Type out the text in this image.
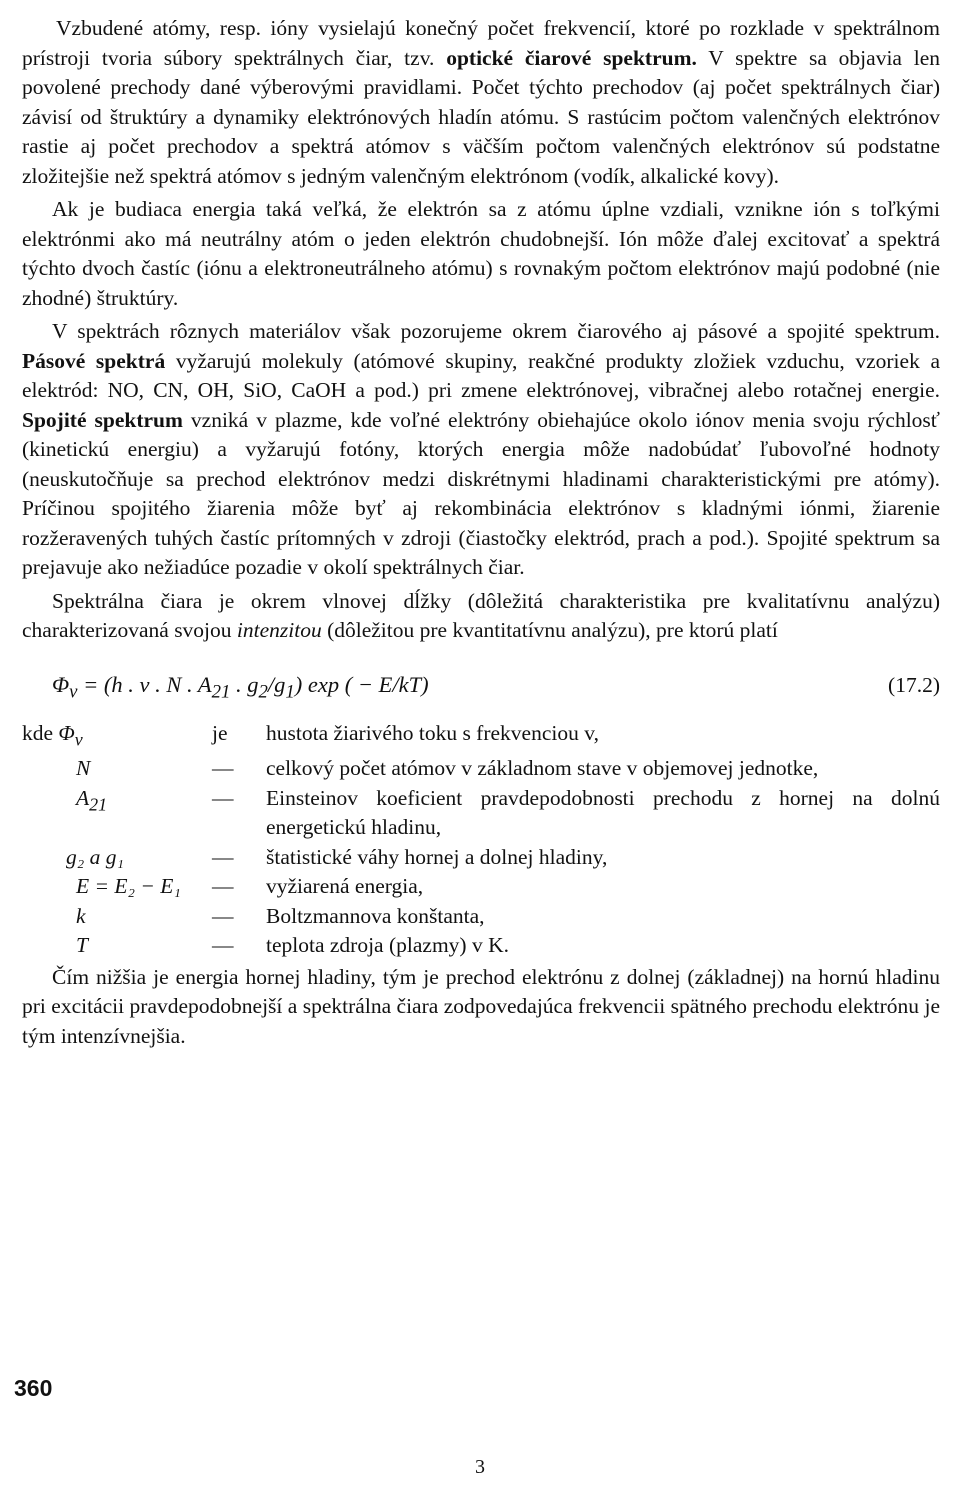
Vzbudené atómy, resp. ióny vysielajú konečný počet frekvencií, ktoré po rozklade v spektrálnom prístroji tvoria súbory spektrálnych čiar, tzv. optické čiarové spektrum. V spektre sa objavia len povolené prechody dané výberovými pravidlami. Počet týchto prechodov (aj počet spektrálnych čiar) závisí od štruktúry a dynamiky elektrónových hladín atómu. S rastúcim počtom valenčných elektrónov rastie aj počet prechodov a spektrá atómov s väčším počtom valenčných elektrónov sú podstatne zložitejšie než spektrá atómov s jedným valenčným elektrónom (vodík, alkalické kovy).

Ak je budiaca energia taká veľká, že elektrón sa z atómu úplne vzdiali, vznikne ión s toľkými elektrónmi ako má neutrálny atóm o jeden elektrón chudobnejší. Ión môže ďalej excitovať a spektrá týchto dvoch častíc (iónu a elektroneutrálneho atómu) s rovnakým počtom elektrónov majú podobné (nie zhodné) štruktúry.

V spektrách rôznych materiálov však pozorujeme okrem čiarového aj pásové a spojité spektrum. Pásové spektrá vyžarujú molekuly (atómové skupiny, reakčné produkty zložiek vzduchu, vzoriek a elektród: NO, CN, OH, SiO, CaOH a pod.) pri zmene elektrónovej, vibračnej alebo rotačnej energie. Spojité spektrum vzniká v plazme, kde voľné elektróny obiehajúce okolo iónov menia svoju rýchlosť (kinetickú energiu) a vyžarujú fotóny, ktorých energia môže nadobúdať ľubovoľné hodnoty (neuskutočňuje sa prechod elektrónov medzi diskrétnymi hladinami charakteristickými pre atómy). Príčinou spojitého žiarenia môže byť aj rekombinácia elektrónov s kladnými iónmi, žiarenie rozžeravených tuhých častíc prítomných v zdroji (čiastočky elektród, prach a pod.). Spojité spektrum sa prejavuje ako nežiadúce pozadie v okolí spektrálnych čiar.

Spektrálna čiara je okrem vlnovej dĺžky (dôležitá charakteristika pre kvalitatívnu analýzu) charakterizovaná svojou intenzitou (dôležitou pre kvantitatívnu analýzu), pre ktorú platí

$\Phi_v = (h$ . v . N . $A_{21}$ . $g_2/g_1$) exp ( − E/kT)	(17.2)
kde $\Phi_v$	je	hustota žiarivého toku s frekvenciou v,
N	—	celkový počet atómov v základnom stave v objemovej jednotke,
$A_{21}$	—	Einsteinov koeficient pravdepodobnosti prechodu z hornej na dolnú energetickú hladinu,
g₂ a g₁	—	štatistické váhy hornej a dolnej hladiny,
E = E₂ − E₁	—	vyžiarená energia,
k	—	Boltzmannova konštanta,
T	—	teplota zdroja (plazmy) v K.

Čím nižšia je energia hornej hladiny, tým je prechod elektrónu z dolnej (základnej) na hornú hladinu pri excitácii pravdepodobnejší a spektrálna čiara zodpovedajúca frekvencii spätného prechodu elektrónu je tým intenzívnejšia.

360
3
